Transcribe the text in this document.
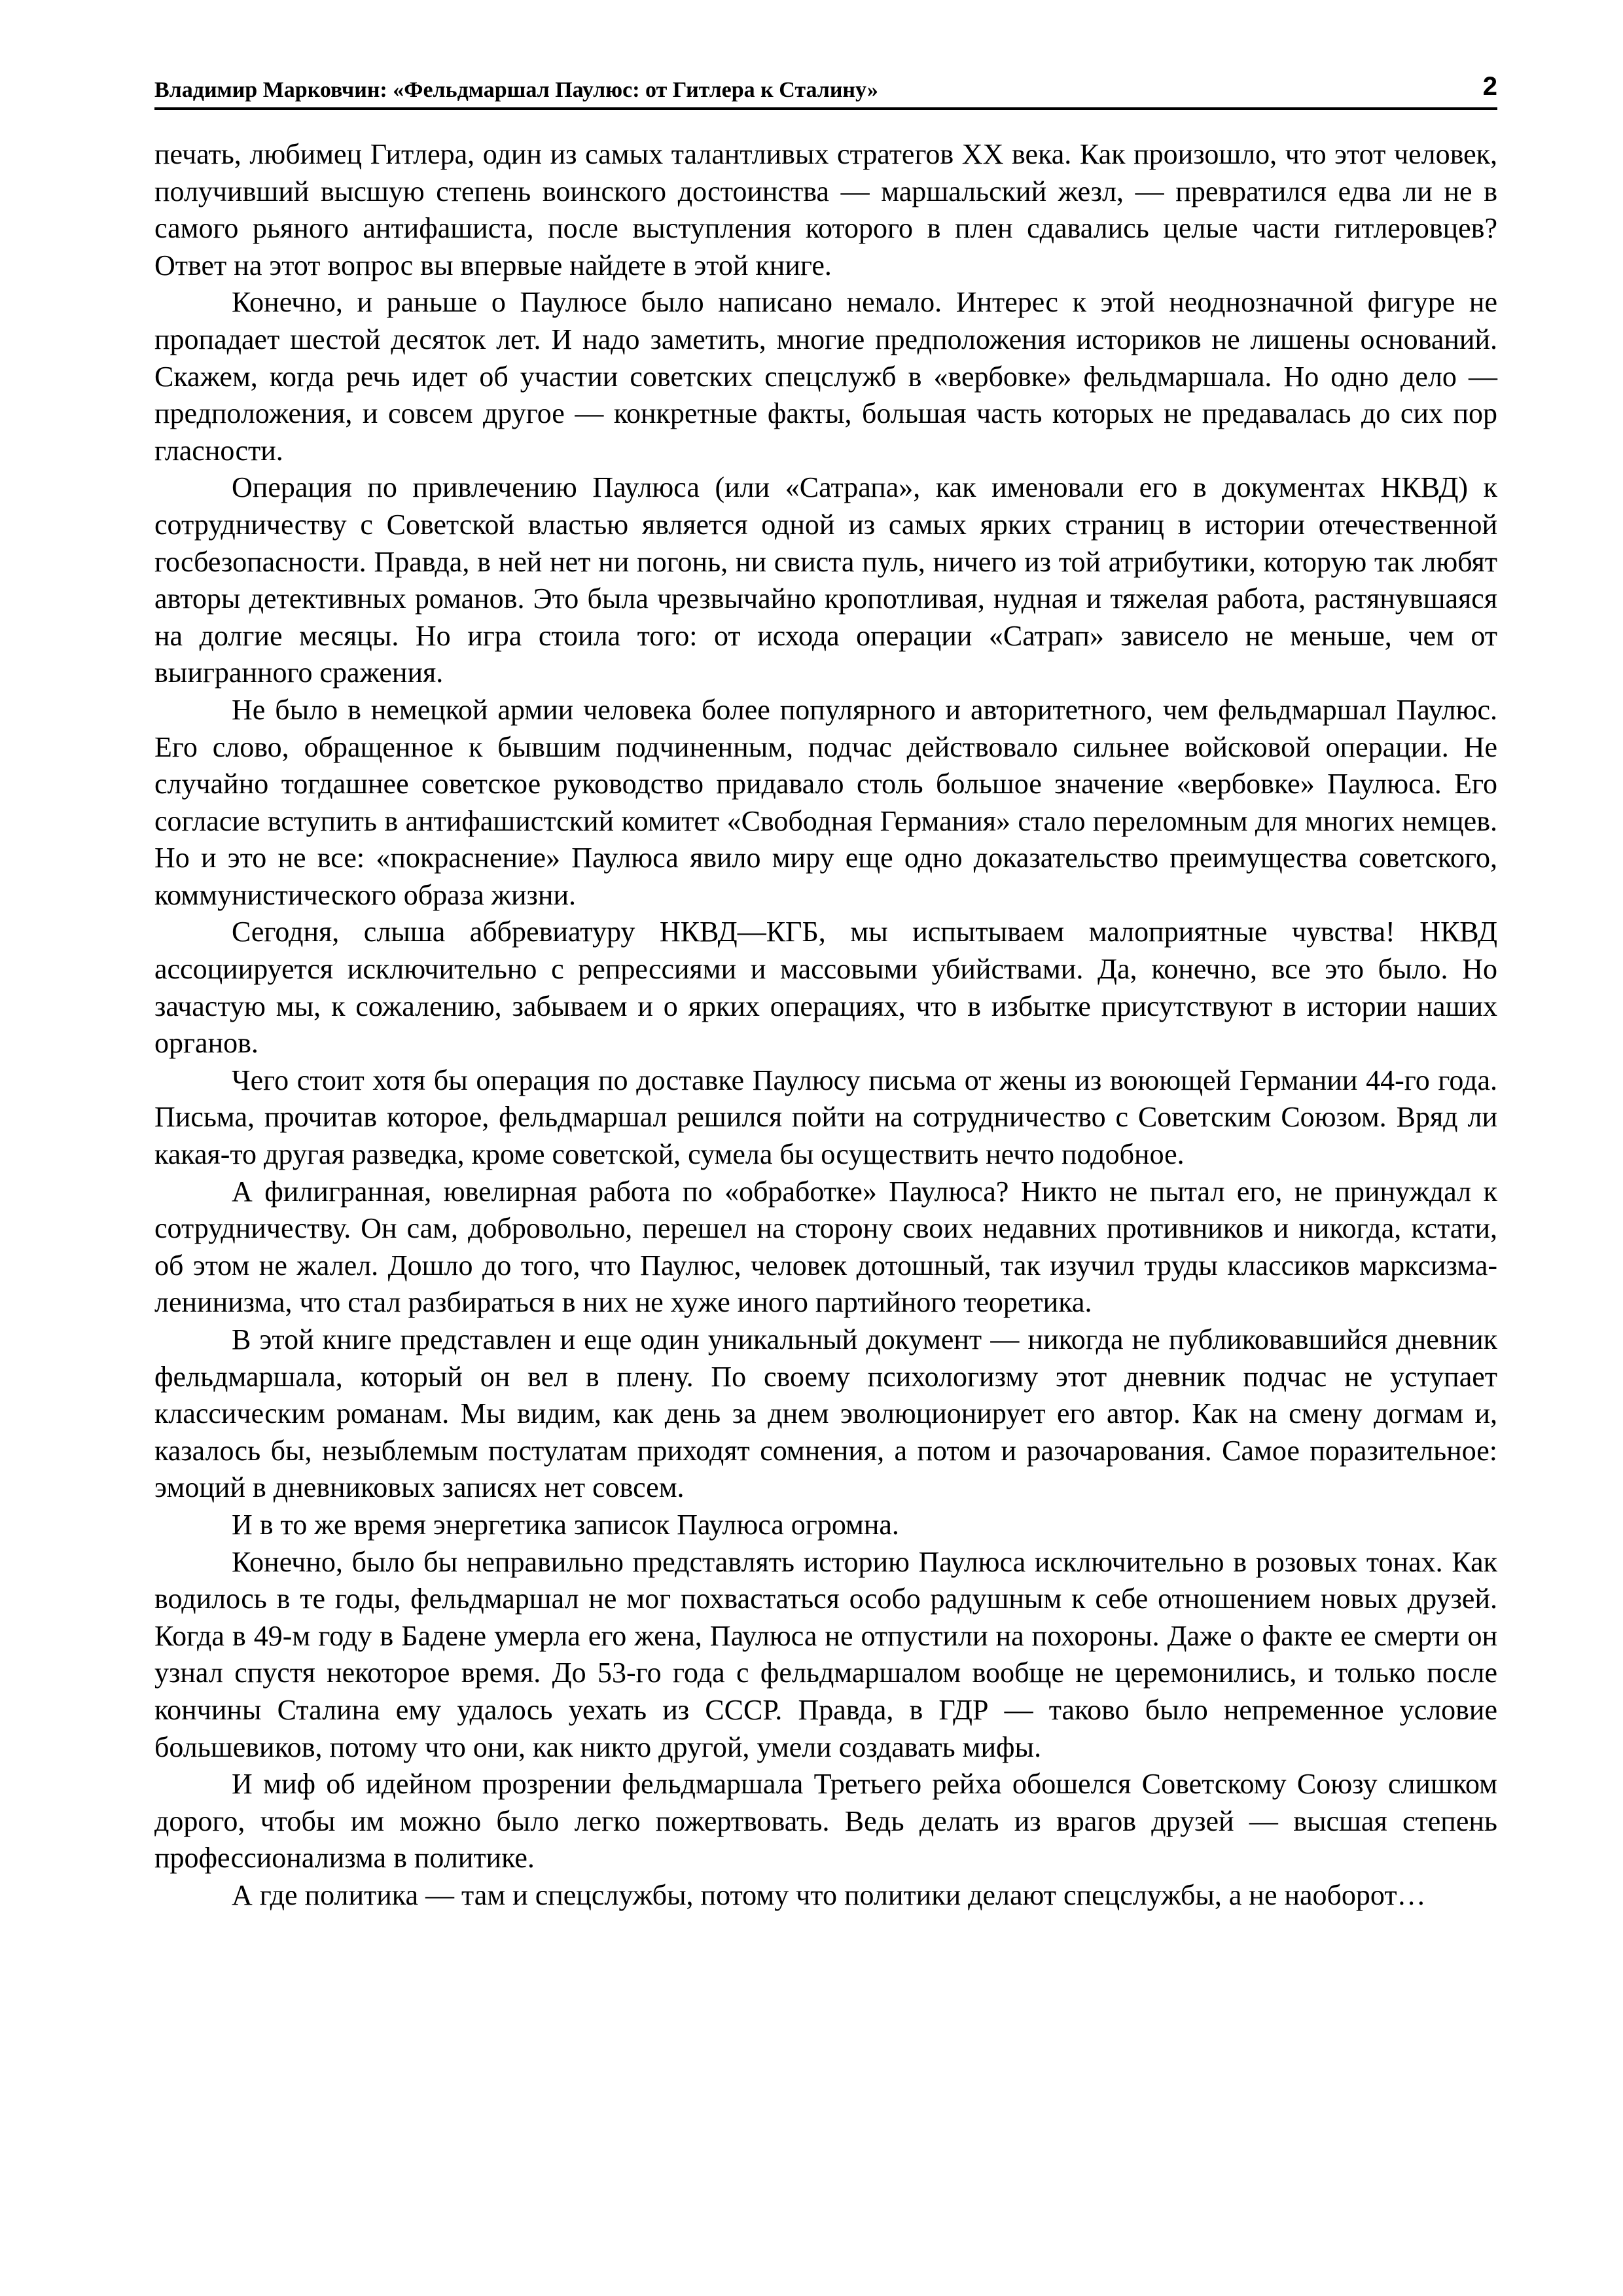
Владимир Марковчин: «Фельдмаршал Паулюс: от Гитлера к Сталину»	2

печать, любимец Гитлера, один из самых талантливых стратегов XX века. Как произошло, что этот человек, получивший высшую степень воинского достоинства — маршальский жезл, — превратился едва ли не в самого рьяного антифашиста, после выступления которого в плен сдавались целые части гитлеровцев? Ответ на этот вопрос вы впервые найдете в этой книге.

Конечно, и раньше о Паулюсе было написано немало. Интерес к этой неоднозначной фигуре не пропадает шестой десяток лет. И надо заметить, многие предположения историков не лишены оснований. Скажем, когда речь идет об участии советских спецслужб в «вербовке» фельдмаршала. Но одно дело — предположения, и совсем другое — конкретные факты, большая часть которых не предавалась до сих пор гласности.

Операция по привлечению Паулюса (или «Сатрапа», как именовали его в документах НКВД) к сотрудничеству с Советской властью является одной из самых ярких страниц в истории отечественной госбезопасности. Правда, в ней нет ни погонь, ни свиста пуль, ничего из той атрибутики, которую так любят авторы детективных романов. Это была чрезвычайно кропотливая, нудная и тяжелая работа, растянувшаяся на долгие месяцы. Но игра стоила того: от исхода операции «Сатрап» зависело не меньше, чем от выигранного сражения.

Не было в немецкой армии человека более популярного и авторитетного, чем фельдмаршал Паулюс. Его слово, обращенное к бывшим подчиненным, подчас действовало сильнее войсковой операции. Не случайно тогдашнее советское руководство придавало столь большое значение «вербовке» Паулюса. Его согласие вступить в антифашистский комитет «Свободная Германия» стало переломным для многих немцев. Но и это не все: «покраснение» Паулюса явило миру еще одно доказательство преимущества советского, коммунистического образа жизни.

Сегодня, слыша аббревиатуру НКВД—КГБ, мы испытываем малоприятные чувства! НКВД ассоциируется исключительно с репрессиями и массовыми убийствами. Да, конечно, все это было. Но зачастую мы, к сожалению, забываем и о ярких операциях, что в избытке присутствуют в истории наших органов.

Чего стоит хотя бы операция по доставке Паулюсу письма от жены из воюющей Германии 44-го года. Письма, прочитав которое, фельдмаршал решился пойти на сотрудничество с Советским Союзом. Вряд ли какая-то другая разведка, кроме советской, сумела бы осуществить нечто подобное.

А филигранная, ювелирная работа по «обработке» Паулюса? Никто не пытал его, не принуждал к сотрудничеству. Он сам, добровольно, перешел на сторону своих недавних противников и никогда, кстати, об этом не жалел. Дошло до того, что Паулюс, человек дотошный, так изучил труды классиков марксизма-ленинизма, что стал разбираться в них не хуже иного партийного теоретика.

В этой книге представлен и еще один уникальный документ — никогда не публиковавшийся дневник фельдмаршала, который он вел в плену. По своему психологизму этот дневник подчас не уступает классическим романам. Мы видим, как день за днем эволюционирует его автор. Как на смену догмам и, казалось бы, незыблемым постулатам приходят сомнения, а потом и разочарования. Самое поразительное: эмоций в дневниковых записях нет совсем.

И в то же время энергетика записок Паулюса огромна.

Конечно, было бы неправильно представлять историю Паулюса исключительно в розовых тонах. Как водилось в те годы, фельдмаршал не мог похвастаться особо радушным к себе отношением новых друзей. Когда в 49-м году в Бадене умерла его жена, Паулюса не отпустили на похороны. Даже о факте ее смерти он узнал спустя некоторое время. До 53-го года с фельдмаршалом вообще не церемонились, и только после кончины Сталина ему удалось уехать из СССР. Правда, в ГДР — таково было непременное условие большевиков, потому что они, как никто другой, умели создавать мифы.

И миф об идейном прозрении фельдмаршала Третьего рейха обошелся Советскому Союзу слишком дорого, чтобы им можно было легко пожертвовать. Ведь делать из врагов друзей — высшая степень профессионализма в политике.

А где политика — там и спецслужбы, потому что политики делают спецслужбы, а не наоборот…
